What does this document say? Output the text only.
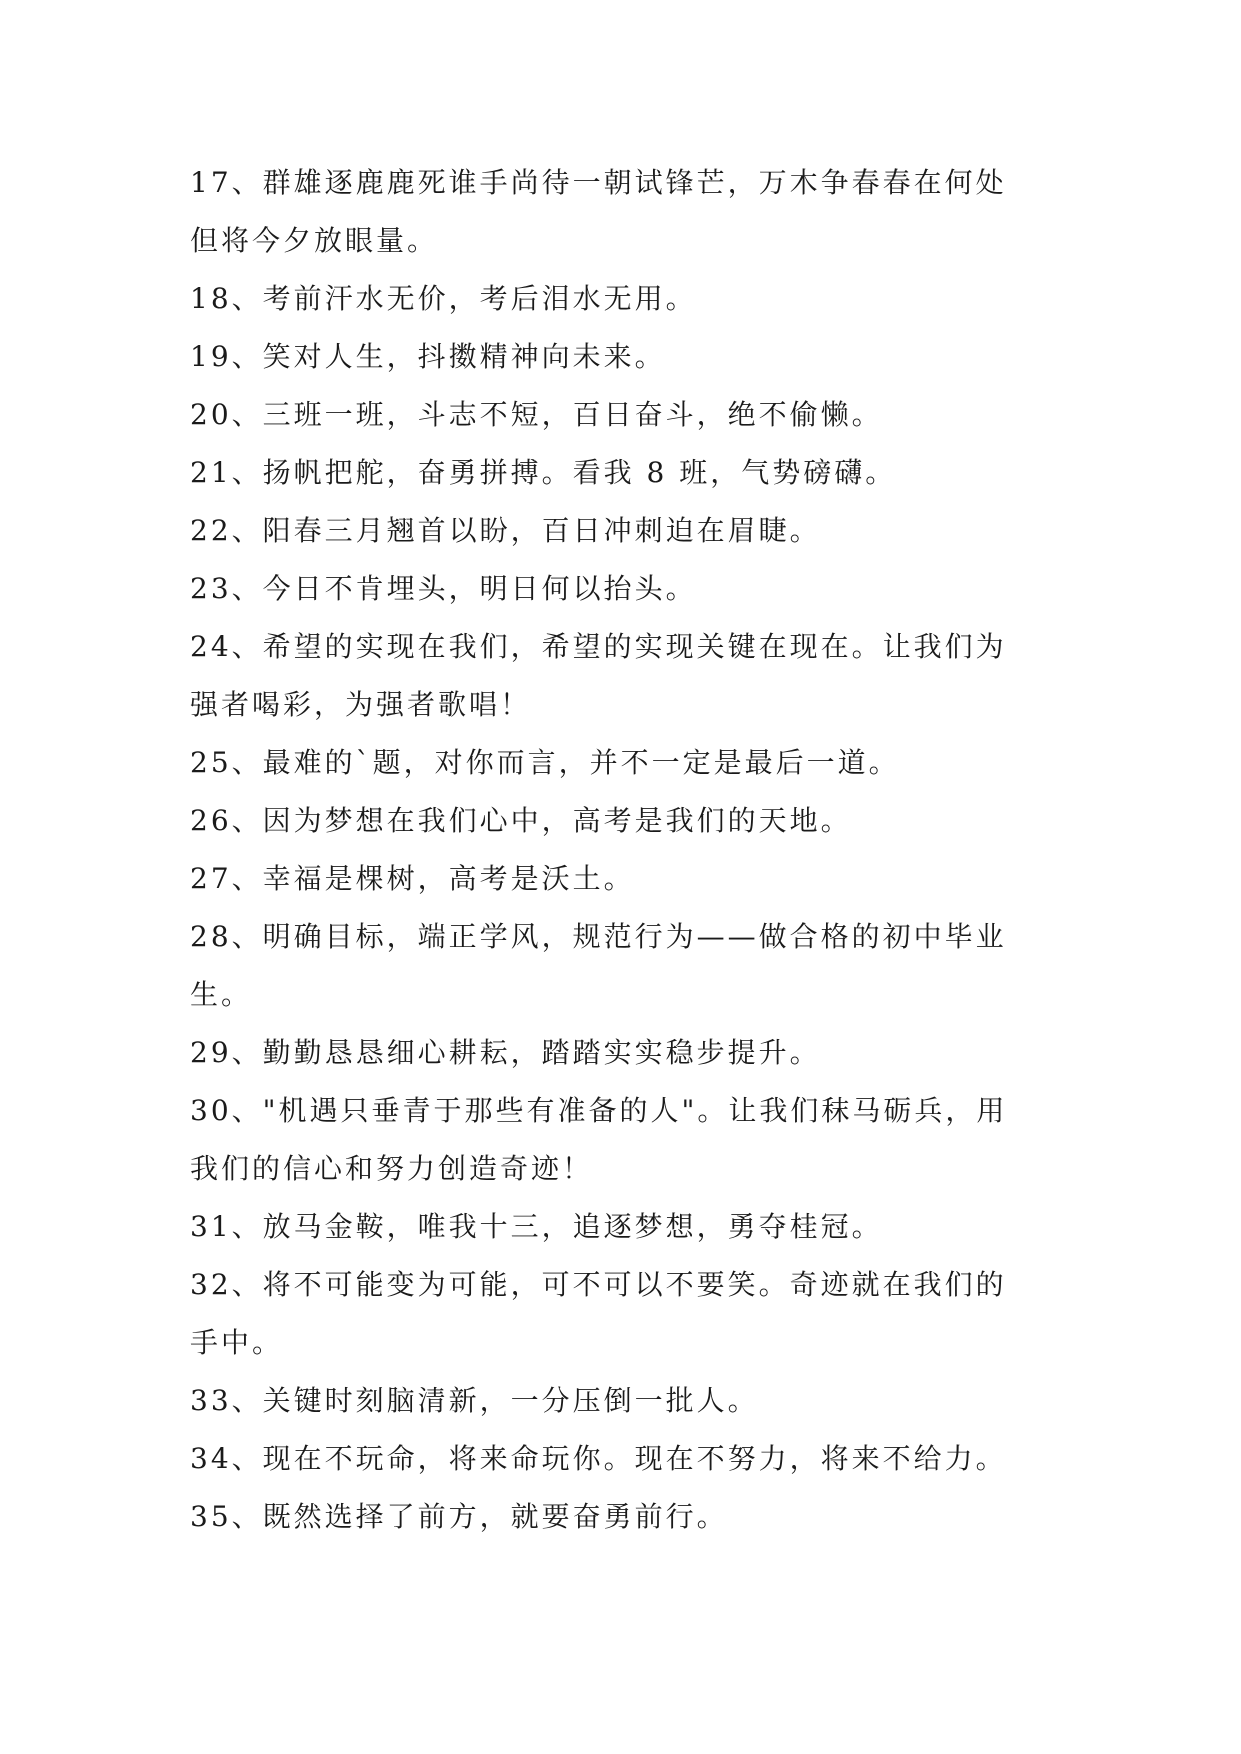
17、群雄逐鹿鹿死谁手尚待一朝试锋芒，万木争春春在何处
但将今夕放眼量。
18、考前汗水无价，考后泪水无用。
19、笑对人生，抖擞精神向未来。
20、三班一班，斗志不短，百日奋斗，绝不偷懒。
21、扬帆把舵，奋勇拼搏。看我 8 班，气势磅礴。
22、阳春三月翘首以盼，百日冲刺迫在眉睫。
23、今日不肯埋头，明日何以抬头。
24、希望的实现在我们，希望的实现关键在现在。让我们为
强者喝彩，为强者歌唱！
25、最难的`题，对你而言，并不一定是最后一道。
26、因为梦想在我们心中，高考是我们的天地。
27、幸福是棵树，高考是沃土。
28、明确目标，端正学风，规范行为——做合格的初中毕业
生。
29、勤勤恳恳细心耕耘，踏踏实实稳步提升。
30、"机遇只垂青于那些有准备的人"。让我们秣马砺兵，用
我们的信心和努力创造奇迹！
31、放马金鞍，唯我十三，追逐梦想，勇夺桂冠。
32、将不可能变为可能，可不可以不要笑。奇迹就在我们的
手中。
33、关键时刻脑清新，一分压倒一批人。
34、现在不玩命，将来命玩你。现在不努力，将来不给力。
35、既然选择了前方，就要奋勇前行。
